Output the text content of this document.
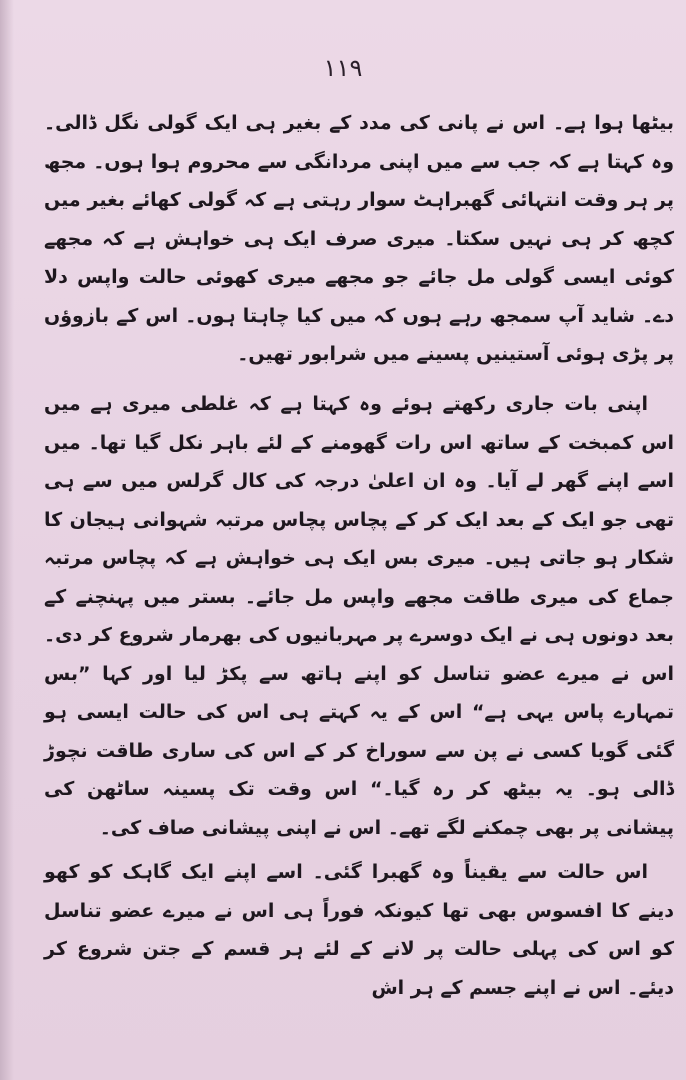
۱۱۹

بیٹھا ہوا ہے۔ اس نے پانی کی مدد کے بغیر ہی ایک گولی نگل ڈالی۔ وہ کہتا ہے کہ جب سے میں اپنی مردانگی سے محروم ہوا ہوں۔ مجھ پر ہر وقت انتہائی گھبراہٹ سوار رہتی ہے کہ گولی کھائے بغیر میں کچھ کر ہی نہیں سکتا۔ میری صرف ایک ہی خواہش ہے کہ مجھے کوئی ایسی گولی مل جائے جو مجھے میری کھوئی حالت واپس دلا دے۔ شاید آپ سمجھ رہے ہوں کہ میں کیا چاہتا ہوں۔ اس کے بازوؤں پر پڑی ہوئی آستینیں پسینے میں شرابور تھیں۔

اپنی بات جاری رکھتے ہوئے وہ کہتا ہے کہ غلطی میری ہے میں اس کمبخت کے ساتھ اس رات گھومنے کے لئے باہر نکل گیا تھا۔ میں اسے اپنے گھر لے آیا۔ وہ ان اعلیٰ درجہ کی کال گرلس میں سے ہی تھی جو ایک کے بعد ایک کر کے پچاس پچاس مرتبہ شہوانی ہیجان کا شکار ہو جاتی ہیں۔ میری بس ایک ہی خواہش ہے کہ پچاس مرتبہ جماع کی میری طاقت مجھے واپس مل جائے۔ بستر میں پہنچنے کے بعد دونوں ہی نے ایک دوسرے پر مہربانیوں کی بھرمار شروع کر دی۔ اس نے میرے عضو تناسل کو اپنے ہاتھ سے پکڑ لیا اور کہا ”بس تمہارے پاس یہی ہے“ اس کے یہ کہتے ہی اس کی حالت ایسی ہو گئی گویا کسی نے پن سے سوراخ کر کے اس کی ساری طاقت نچوڑ ڈالی ہو۔ یہ بیٹھ کر رہ گیا۔“ اس وقت تک پسینہ ساٹھن کی پیشانی پر بھی چمکنے لگے تھے۔ اس نے اپنی پیشانی صاف کی۔

اس حالت سے یقیناً وہ گھبرا گئی۔ اسے اپنے ایک گاہک کو کھو دینے کا افسوس بھی تھا کیونکہ فوراً ہی اس نے میرے عضو تناسل کو اس کی پہلی حالت پر لانے کے لئے ہر قسم کے جتن شروع کر دیئے۔ اس نے اپنے جسم کے ہر اش
